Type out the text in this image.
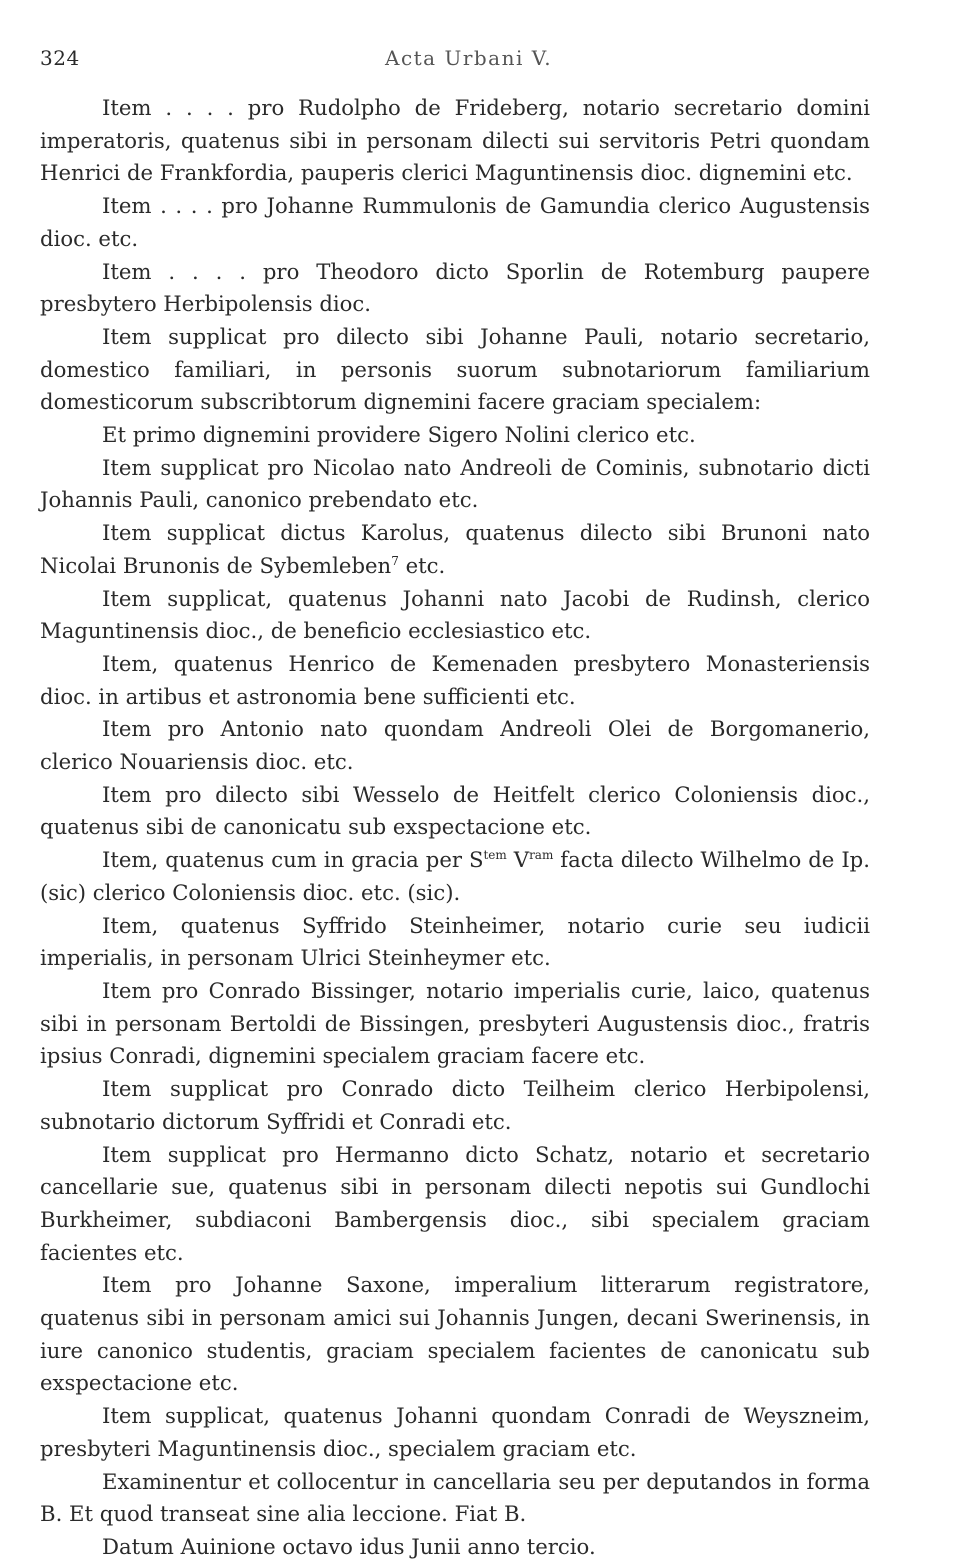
324	Acta Urbani V.

Item . . . . pro Rudolpho de Frideberg, notario secretario domini imperatoris, quatenus sibi in personam dilecti sui servitoris Petri quondam Henrici de Frankfordia, pauperis clerici Maguntinensis dioc. dignemini etc.

Item . . . . pro Johanne Rummulonis de Gamundia clerico Augustensis dioc. etc.

Item . . . . pro Theodoro dicto Sporlin de Rotemburg paupere presbytero Herbipolensis dioc.

Item supplicat pro dilecto sibi Johanne Pauli, notario secretario, domestico familiari, in personis suorum subnotariorum familiarium domesticorum subscribtorum dignemini facere graciam specialem:

Et primo dignemini providere Sigero Nolini clerico etc.

Item supplicat pro Nicolao nato Andreoli de Cominis, subnotario dicti Johannis Pauli, canonico prebendato etc.

Item supplicat dictus Karolus, quatenus dilecto sibi Brunoni nato Nicolai Brunonis de Sybemleben$^7$ etc.

Item supplicat, quatenus Johanni nato Jacobi de Rudinsh, clerico Maguntinensis dioc., de beneficio ecclesiastico etc.

Item, quatenus Henrico de Kemenaden presbytero Monasteriensis dioc. in artibus et astronomia bene sufficienti etc.

Item pro Antonio nato quondam Andreoli Olei de Borgomanerio, clerico Nouariensis dioc. etc.

Item pro dilecto sibi Wesselo de Heitfelt clerico Coloniensis dioc., quatenus sibi de canonicatu sub exspectacione etc.

Item, quatenus cum in gracia per $S^{tem}$ $V^{ram}$ facta dilecto Wilhelmo de Ip. (sic) clerico Coloniensis dioc. etc. (sic).

Item, quatenus Syffrido Steinheimer, notario curie seu iudicii imperialis, in personam Ulrici Steinheymer etc.

Item pro Conrado Bissinger, notario imperialis curie, laico, quatenus sibi in personam Bertoldi de Bissingen, presbyteri Augustensis dioc., fratris ipsius Conradi, dignemini specialem graciam facere etc.

Item supplicat pro Conrado dicto Teilheim clerico Herbipolensi, subnotario dictorum Syffridi et Conradi etc.

Item supplicat pro Hermanno dicto Schatz, notario et secretario cancellarie sue, quatenus sibi in personam dilecti nepotis sui Gundlochi Burkheimer, subdiaconi Bambergensis dioc., sibi specialem graciam facientes etc.

Item pro Johanne Saxone, imperalium litterarum registratore, quatenus sibi in personam amici sui Johannis Jungen, decani Swerinensis, in iure canonico studentis, graciam specialem facientes de canonicatu sub exspectacione etc.

Item supplicat, quatenus Johanni quondam Conradi de Weyszneim, presbyteri Maguntinensis dioc., specialem graciam etc.

Examinentur et collocentur in cancellaria seu per deputandos in forma B. Et quod transeat sine alia leccione. Fiat B.

Datum Auinione octavo idus Junii anno tercio.
